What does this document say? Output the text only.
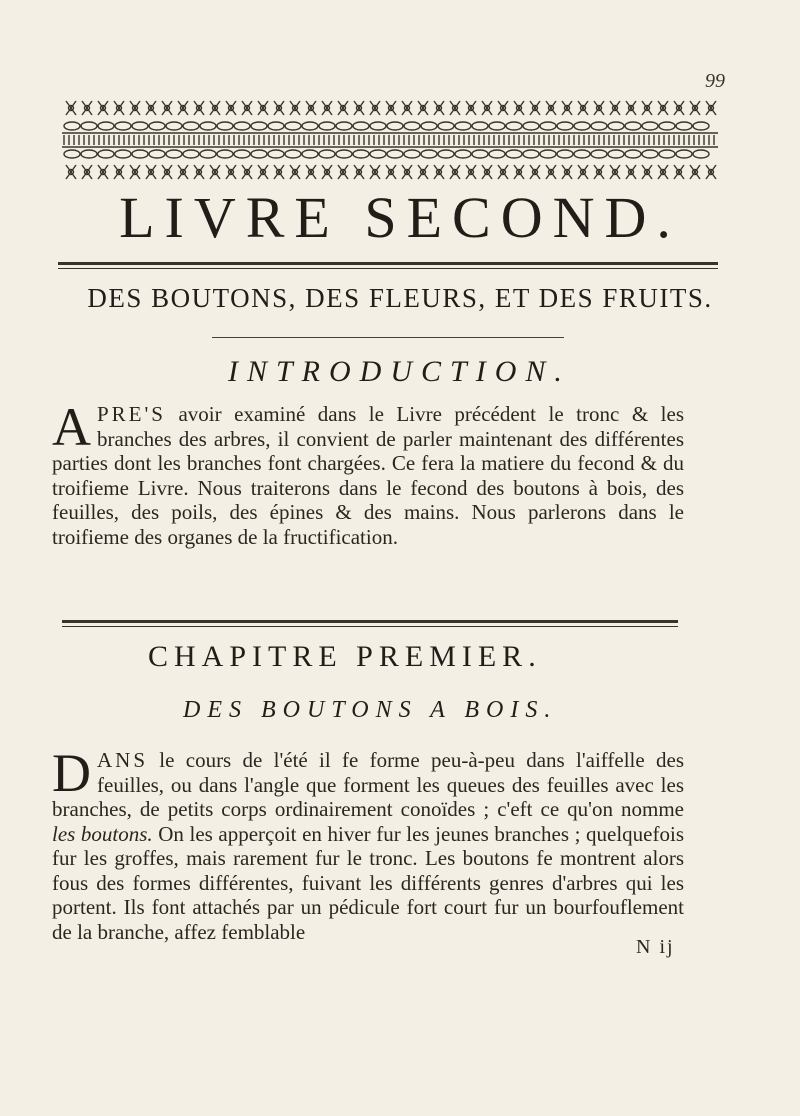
99
LIVRE SECOND.
DES BOUTONS, DES FLEURS, ET DES FRUITS.
INTRODUCTION.
APRE'S avoir examiné dans le Livre précédent le tronc & les branches des arbres, il convient de parler maintenant des différentes parties dont les branches font chargées. Ce fera la matiere du fecond & du troifieme Livre. Nous traiterons dans le fecond des boutons à bois, des feuilles, des poils, des épines & des mains. Nous parlerons dans le troifieme des organes de la fructification.
CHAPITRE PREMIER.
DES BOUTONS A BOIS.
DANS le cours de l'été il fe forme peu-à-peu dans l'aiffelle des feuilles, ou dans l'angle que forment les queues des feuilles avec les branches, de petits corps ordinairement conoïdes ; c'eft ce qu'on nomme les boutons. On les apperçoit en hiver fur les jeunes branches ; quelquefois fur les groffes, mais rarement fur le tronc. Les boutons fe montrent alors fous des formes différentes, fuivant les différents genres d'arbres qui les portent. Ils font attachés par un pédicule fort court fur un bourfouflement de la branche, affez femblable
N ij
